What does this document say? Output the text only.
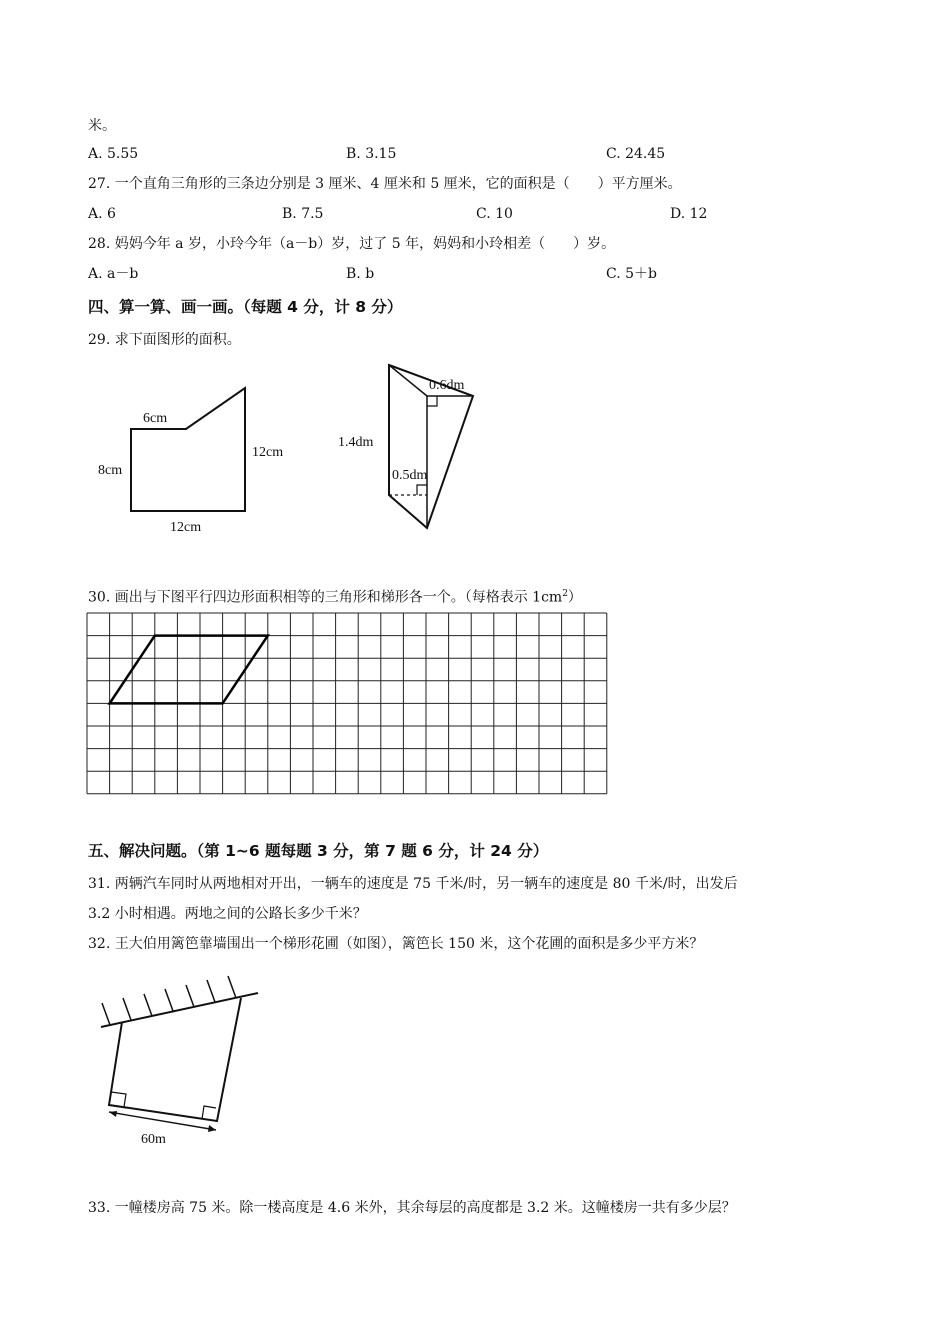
米。
A. 5.55	B. 3.15	C. 24.45
27. 一个直角三角形的三条边分别是 3 厘米、4 厘米和 5 厘米，它的面积是（　　）平方厘米。
A. 6	B. 7.5	C. 10	D. 12
28. 妈妈今年 a 岁，小玲今年（a－b）岁，过了 5 年，妈妈和小玲相差（　　）岁。
A. a－b	B. b	C. 5＋b
四、算一算、画一画。（每题 4 分，计 8 分）
29. 求下面图形的面积。
6cm
8cm
12cm
12cm
0.6dm
1.4dm
0.5dm
30. 画出与下图平行四边形面积相等的三角形和梯形各一个。（每格表示 $1cm^2$）
五、解决问题。（第 1~6 题每题 3 分，第 7 题 6 分，计 24 分）
31. 两辆汽车同时从两地相对开出，一辆车的速度是 75 千米/时，另一辆车的速度是 80 千米/时，出发后
3.2 小时相遇。两地之间的公路长多少千米？
32. 王大伯用篱笆靠墙围出一个梯形花圃（如图），篱笆长 150 米，这个花圃的面积是多少平方米？
60m
33. 一幢楼房高 75 米。除一楼高度是 4.6 米外，其余每层的高度都是 3.2 米。这幢楼房一共有多少层？
